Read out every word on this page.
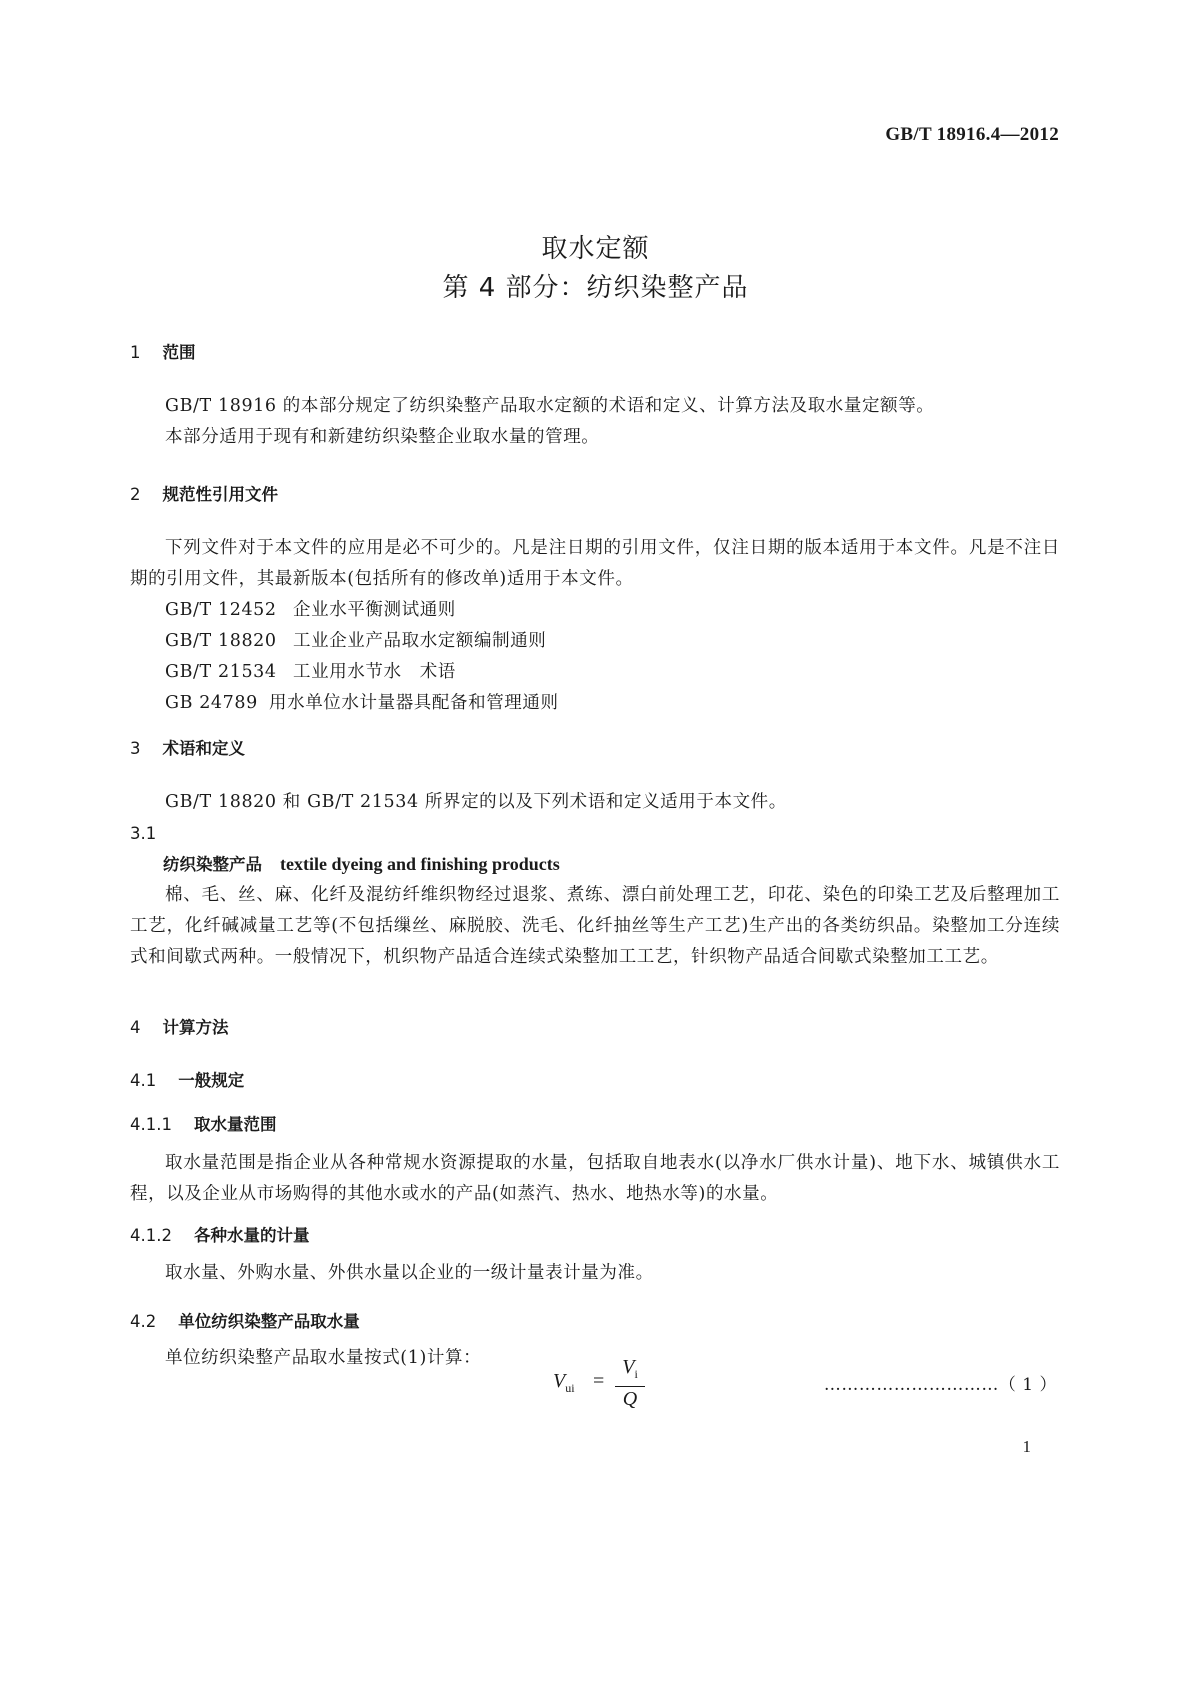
GB/T 18916.4—2012
取水定额
第 4 部分：纺织染整产品
1 范围
GB/T 18916 的本部分规定了纺织染整产品取水定额的术语和定义、计算方法及取水量定额等。
本部分适用于现有和新建纺织染整企业取水量的管理。
2 规范性引用文件
下列文件对于本文件的应用是必不可少的。凡是注日期的引用文件，仅注日期的版本适用于本文件。凡是不注日期的引用文件，其最新版本(包括所有的修改单)适用于本文件。
GB/T 12452 企业水平衡测试通则
GB/T 18820 工业企业产品取水定额编制通则
GB/T 21534 工业用水节水　术语
GB 24789 用水单位水计量器具配备和管理通则
3 术语和定义
GB/T 18820 和 GB/T 21534 所界定的以及下列术语和定义适用于本文件。
3.1
纺织染整产品 textile dyeing and finishing products
棉、毛、丝、麻、化纤及混纺纤维织物经过退浆、煮练、漂白前处理工艺，印花、染色的印染工艺及后整理加工工艺，化纤碱减量工艺等(不包括缫丝、麻脱胶、洗毛、化纤抽丝等生产工艺)生产出的各类纺织品。染整加工分连续式和间歇式两种。一般情况下，机织物产品适合连续式染整加工工艺，针织物产品适合间歇式染整加工工艺。
4 计算方法
4.1 一般规定
4.1.1 取水量范围
取水量范围是指企业从各种常规水资源提取的水量，包括取自地表水(以净水厂供水计量)、地下水、城镇供水工程，以及企业从市场购得的其他水或水的产品(如蒸汽、热水、地热水等)的水量。
4.1.2 各种水量的计量
取水量、外购水量、外供水量以企业的一级计量表计量为准。
4.2 单位纺织染整产品取水量
单位纺织染整产品取水量按式(1)计算：
$V_{ui}$ =
$V_i$
Q
…………………………（ 1 ）
1
